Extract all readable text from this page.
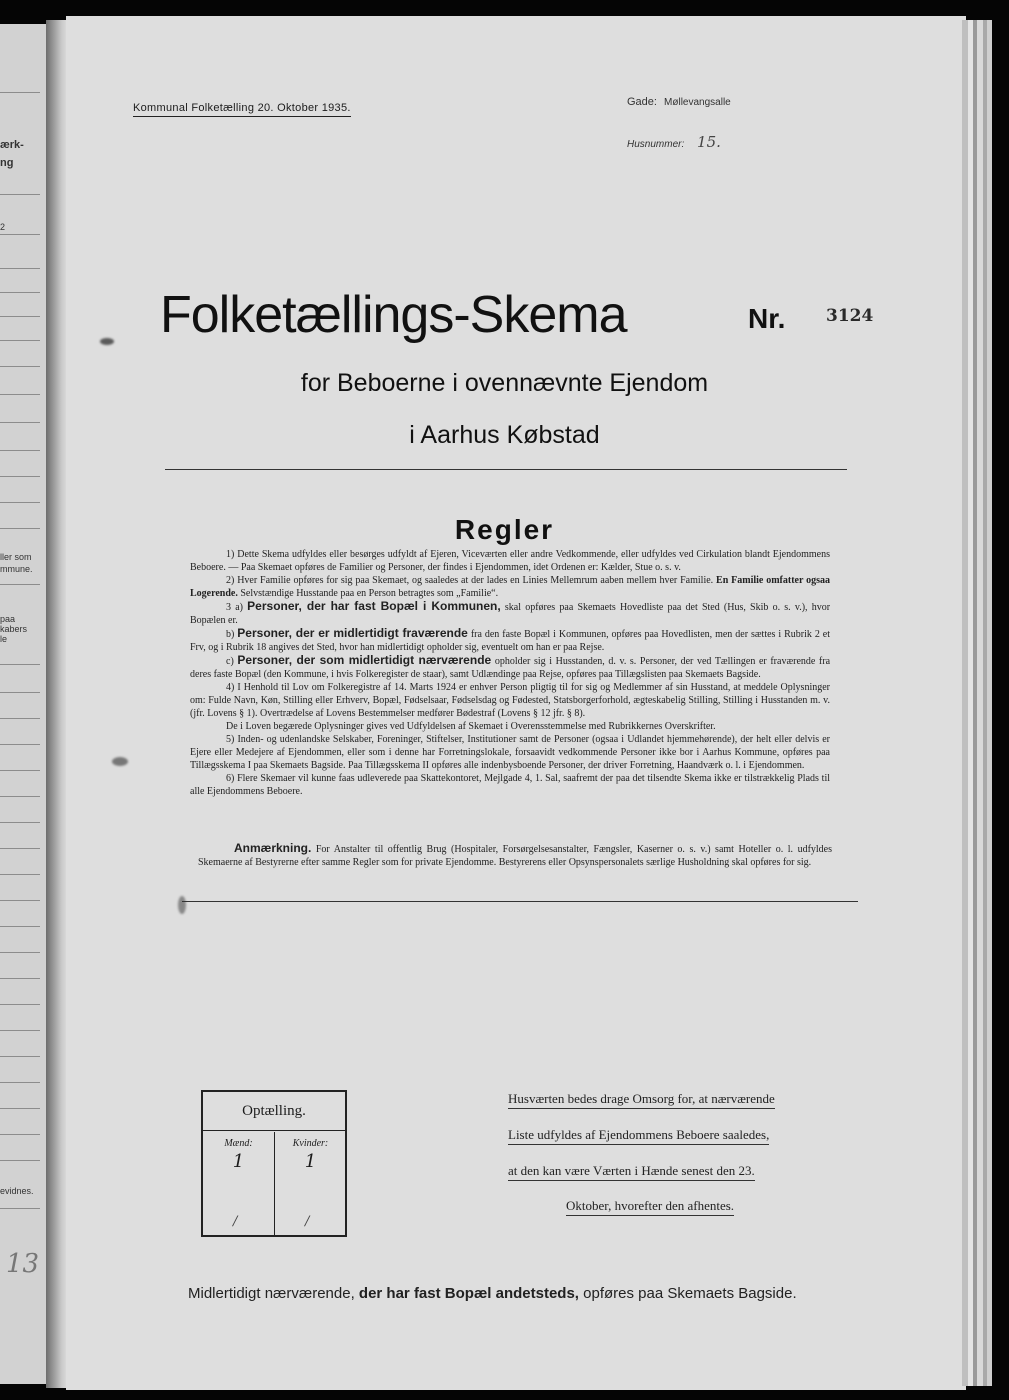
ærk-
ng
2
ller som
mmune.
paa
kabers
le
evidnes.
13
Kommunal Folketælling 20. Oktober 1935.	Gade: Møllevangsalle
Husnummer: 15.
Folketællings-Skema	Nr. 3124
for Beboerne i ovennævnte Ejendom
i Aarhus Købstad
Regler

1) Dette Skema udfyldes eller besørges udfyldt af Ejeren, Viceværten eller andre Vedkommende, eller udfyldes ved Cirkulation blandt Ejendommens Beboere. — Paa Skemaet opføres de Familier og Personer, der findes i Ejendommen, idet Ordenen er: Kælder, Stue o. s. v.

2) Hver Familie opføres for sig paa Skemaet, og saaledes at der lades en Linies Mellemrum aaben mellem hver Familie. En Familie omfatter ogsaa Logerende. Selvstændige Husstande paa en Person betragtes som „Familie“.

3 a) Personer, der har fast Bopæl i Kommunen, skal opføres paa Skemaets Hovedliste paa det Sted (Hus, Skib o. s. v.), hvor Bopælen er.

b) Personer, der er midlertidigt fraværende fra den faste Bopæl i Kommunen, opføres paa Hovedlisten, men der sættes i Rubrik 2 et Frv, og i Rubrik 18 angives det Sted, hvor han midlertidigt opholder sig, eventuelt om han er paa Rejse.

c) Personer, der som midlertidigt nærværende opholder sig i Husstanden, d. v. s. Personer, der ved Tællingen er fraværende fra deres faste Bopæl (den Kommune, i hvis Folkeregister de staar), samt Udlændinge paa Rejse, opføres paa Tillægslisten paa Skemaets Bagside.

4) I Henhold til Lov om Folkeregistre af 14. Marts 1924 er enhver Person pligtig til for sig og Medlemmer af sin Husstand, at meddele Oplysninger om: Fulde Navn, Køn, Stilling eller Erhverv, Bopæl, Fødselsaar, Fødselsdag og Fødested, Statsborgerforhold, ægteskabelig Stilling, Stilling i Husstanden m. v. (jfr. Lovens § 1). Overtrædelse af Lovens Bestemmelser medfører Bødestraf (Lovens § 12 jfr. § 8).

De i Loven begærede Oplysninger gives ved Udfyldelsen af Skemaet i Overensstemmelse med Rubrikkernes Overskrifter.

5) Inden- og udenlandske Selskaber, Foreninger, Stiftelser, Institutioner samt de Personer (ogsaa i Udlandet hjemmehørende), der helt eller delvis er Ejere eller Medejere af Ejendommen, eller som i denne har Forretningslokale, forsaavidt vedkommende Personer ikke bor i Aarhus Kommune, opføres paa Tillægsskema I paa Skemaets Bagside. Paa Tillægsskema II opføres alle indenbysboende Personer, der driver Forretning, Haandværk o. l. i Ejendommen.

6) Flere Skemaer vil kunne faas udleverede paa Skattekontoret, Mejlgade 4, 1. Sal, saafremt der paa det tilsendte Skema ikke er tilstrækkelig Plads til alle Ejendommens Beboere.

Anmærkning. For Anstalter til offentlig Brug (Hospitaler, Forsørgelsesanstalter, Fængsler, Kaserner o. s. v.) samt Hoteller o. l. udfyldes Skemaerne af Bestyrerne efter samme Regler som for private Ejendomme. Bestyrerens eller Opsynspersonalets særlige Husholdning skal opføres for sig.
Optælling.
Mænd:
1
/
Kvinder:
1
/
Husværten bedes drage Omsorg for, at nærværende
Liste udfyldes af Ejendommens Beboere saaledes,
at den kan være Værten i Hænde senest den 23.
Oktober, hvorefter den afhentes.
Midlertidigt nærværende, der har fast Bopæl andetsteds, opføres paa Skemaets Bagside.
